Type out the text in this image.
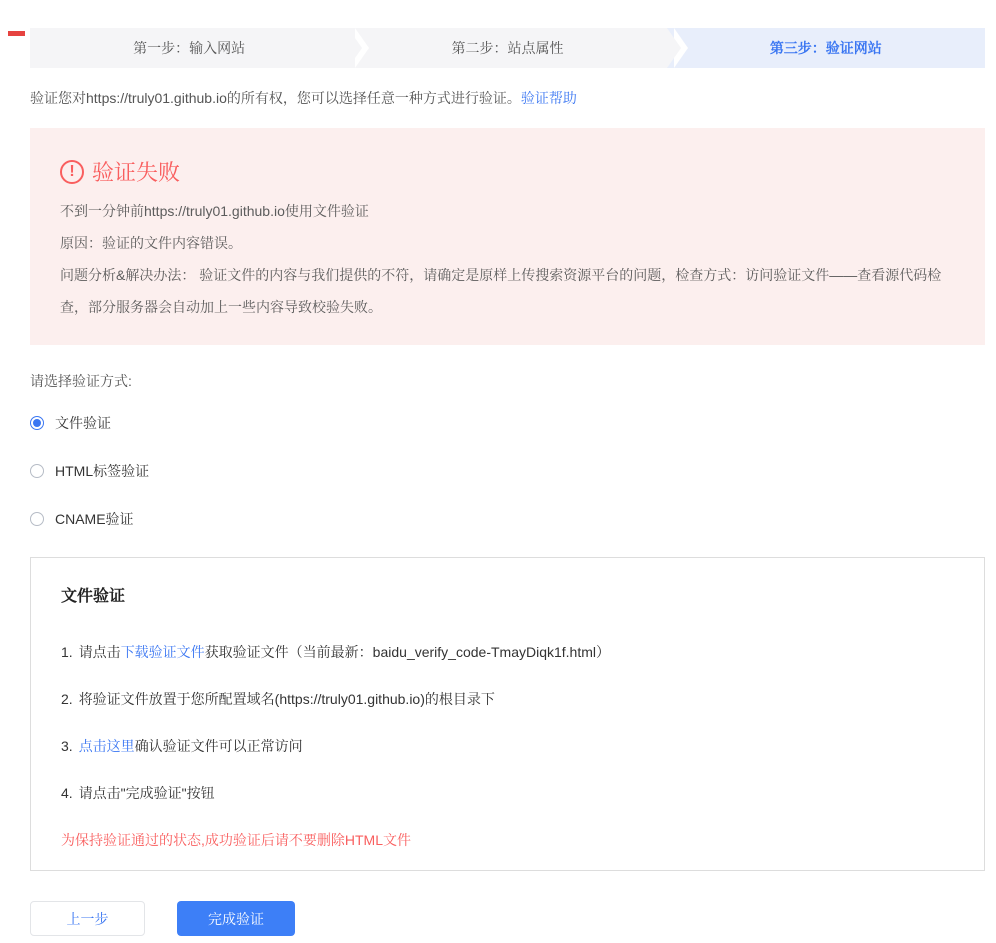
第一步：输入网站	第二步：站点属性	第三步：验证网站

验证您对https://truly01.github.io的所有权，您可以选择任意一种方式进行验证。验证帮助

! 验证失败

不到一分钟前https://truly01.github.io使用文件验证

原因：验证的文件内容错误。

问题分析&解决办法： 验证文件的内容与我们提供的不符，请确定是原样上传搜索资源平台的问题，检查方式：访问验证文件——查看源代码检查，部分服务器会自动加上一些内容导致校验失败。

请选择验证方式:

文件验证
HTML标签验证
CNAME验证
文件验证

1. 请点击下载验证文件获取验证文件（当前最新：baidu_verify_code-TmayDiqk1f.html）

2. 将验证文件放置于您所配置域名(https://truly01.github.io)的根目录下

3. 点击这里确认验证文件可以正常访问

4. 请点击"完成验证"按钮

为保持验证通过的状态,成功验证后请不要删除HTML文件

上一步	完成验证
